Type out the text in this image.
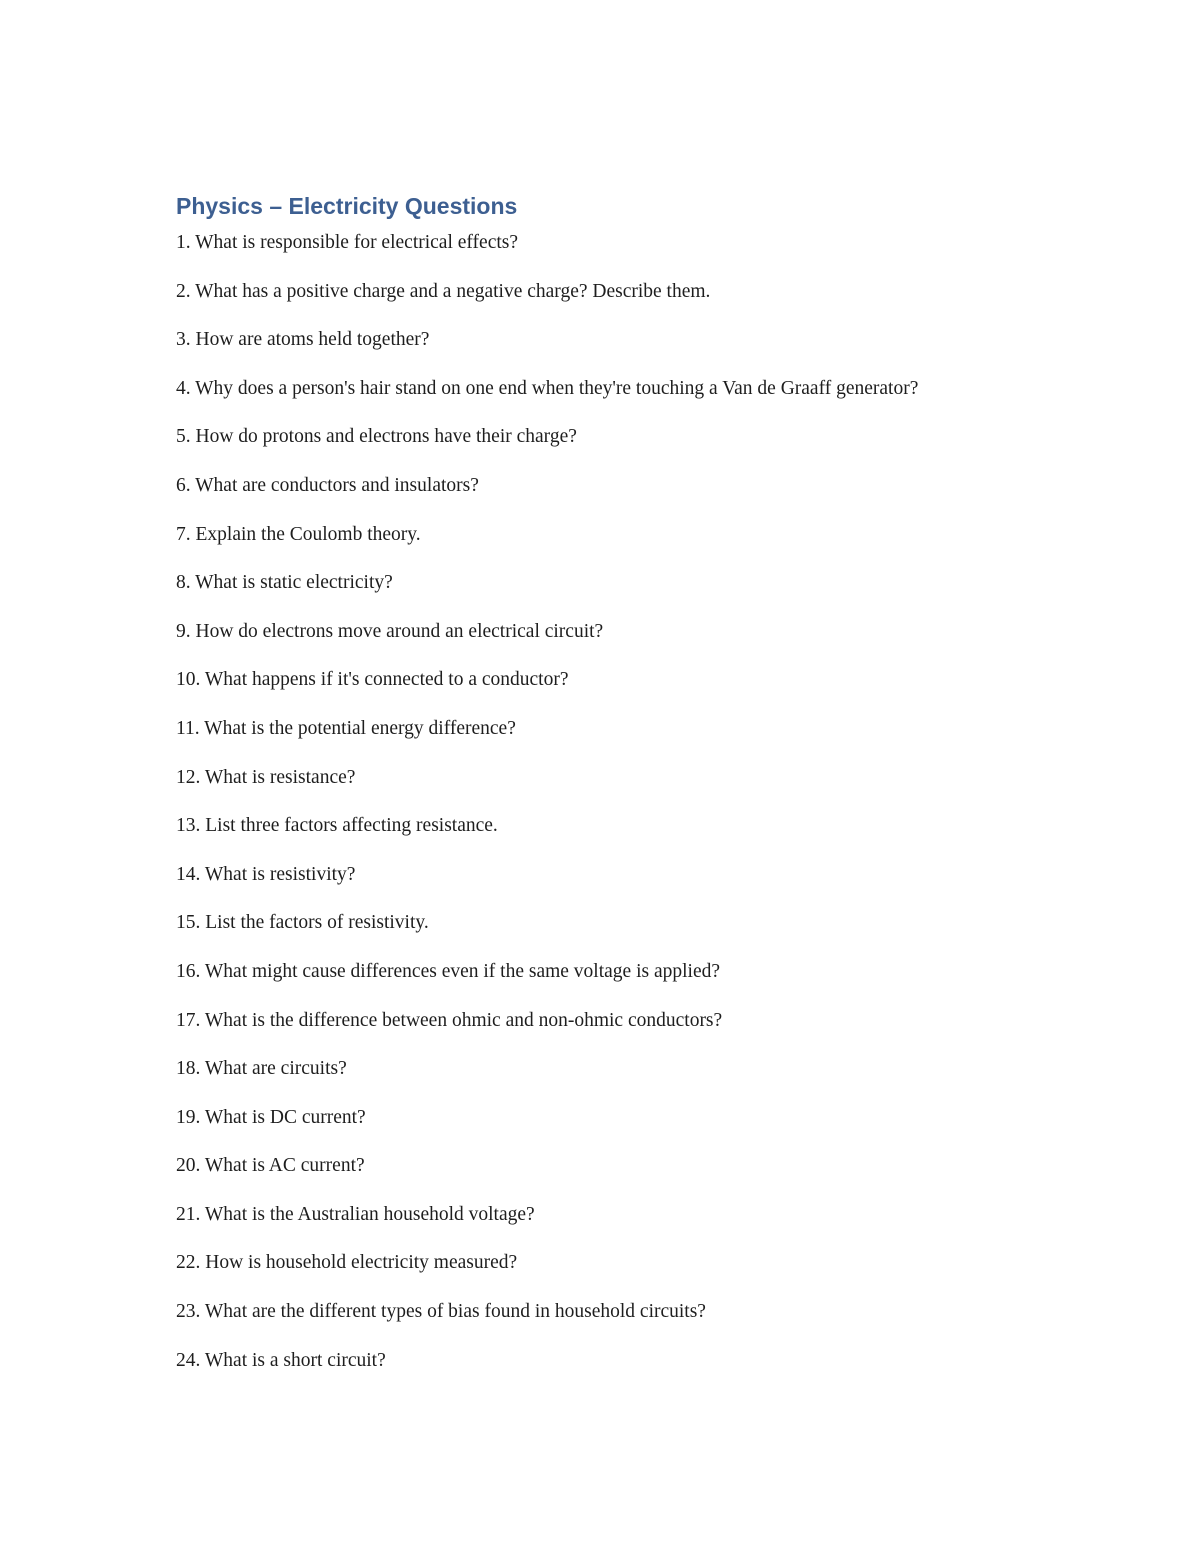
Physics – Electricity Questions
1. What is responsible for electrical effects?
2. What has a positive charge and a negative charge? Describe them.
3. How are atoms held together?
4. Why does a person's hair stand on one end when they're touching a Van de Graaff generator?
5. How do protons and electrons have their charge?
6. What are conductors and insulators?
7. Explain the Coulomb theory.
8. What is static electricity?
9. How do electrons move around an electrical circuit?
10. What happens if it's connected to a conductor?
11. What is the potential energy difference?
12. What is resistance?
13. List three factors affecting resistance.
14. What is resistivity?
15. List the factors of resistivity.
16. What might cause differences even if the same voltage is applied?
17. What is the difference between ohmic and non-ohmic conductors?
18. What are circuits?
19. What is DC current?
20. What is AC current?
21. What is the Australian household voltage?
22. How is household electricity measured?
23. What are the different types of bias found in household circuits?
24. What is a short circuit?
